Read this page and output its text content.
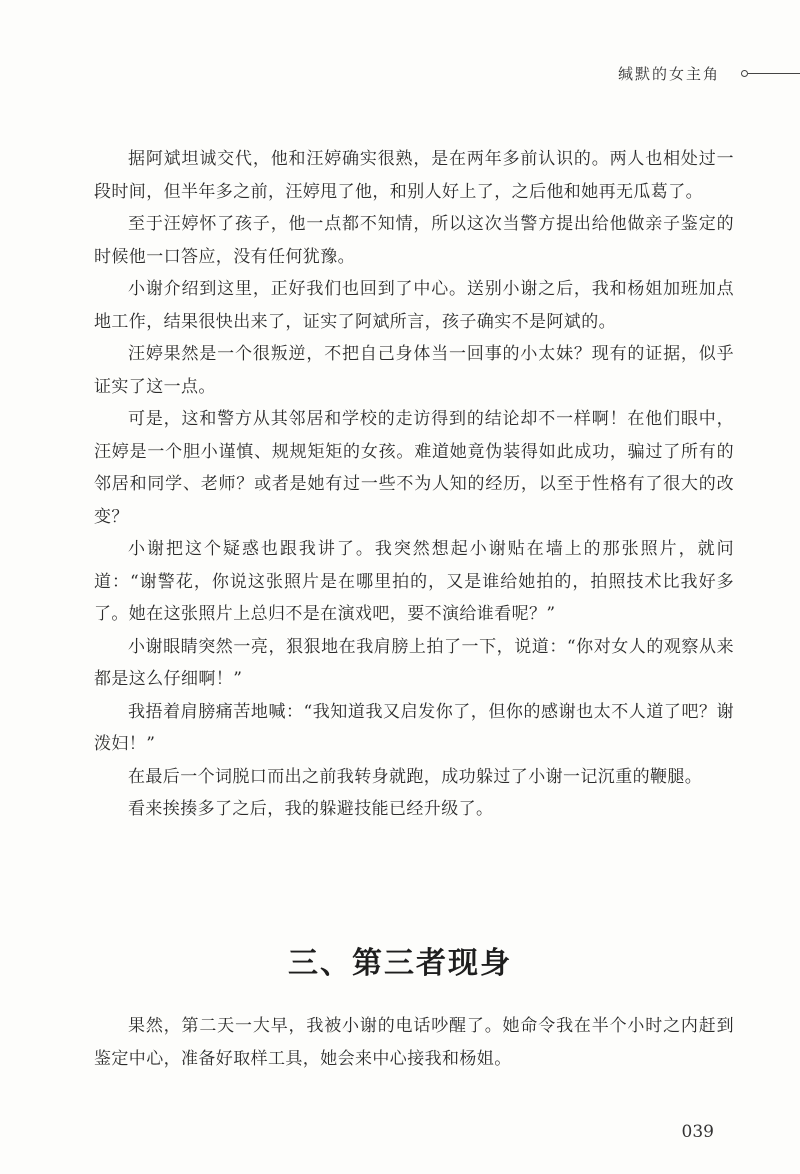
缄默的女主角

据阿斌坦诚交代，他和汪婷确实很熟，是在两年多前认识的。两人也相处过一段时间，但半年多之前，汪婷甩了他，和别人好上了，之后他和她再无瓜葛了。

至于汪婷怀了孩子，他一点都不知情，所以这次当警方提出给他做亲子鉴定的时候他一口答应，没有任何犹豫。

小谢介绍到这里，正好我们也回到了中心。送别小谢之后，我和杨姐加班加点地工作，结果很快出来了，证实了阿斌所言，孩子确实不是阿斌的。

汪婷果然是一个很叛逆，不把自己身体当一回事的小太妹？现有的证据，似乎证实了这一点。

可是，这和警方从其邻居和学校的走访得到的结论却不一样啊！在他们眼中，汪婷是一个胆小谨慎、规规矩矩的女孩。难道她竟伪装得如此成功，骗过了所有的邻居和同学、老师？或者是她有过一些不为人知的经历，以至于性格有了很大的改变？

小谢把这个疑惑也跟我讲了。我突然想起小谢贴在墙上的那张照片，就问道：“谢警花，你说这张照片是在哪里拍的，又是谁给她拍的，拍照技术比我好多了。她在这张照片上总归不是在演戏吧，要不演给谁看呢？”

小谢眼睛突然一亮，狠狠地在我肩膀上拍了一下，说道：“你对女人的观察从来都是这么仔细啊！”

我捂着肩膀痛苦地喊：“我知道我又启发你了，但你的感谢也太不人道了吧？谢泼妇！”

在最后一个词脱口而出之前我转身就跑，成功躲过了小谢一记沉重的鞭腿。

看来挨揍多了之后，我的躲避技能已经升级了。

三、第三者现身

果然，第二天一大早，我被小谢的电话吵醒了。她命令我在半个小时之内赶到鉴定中心，准备好取样工具，她会来中心接我和杨姐。

039
